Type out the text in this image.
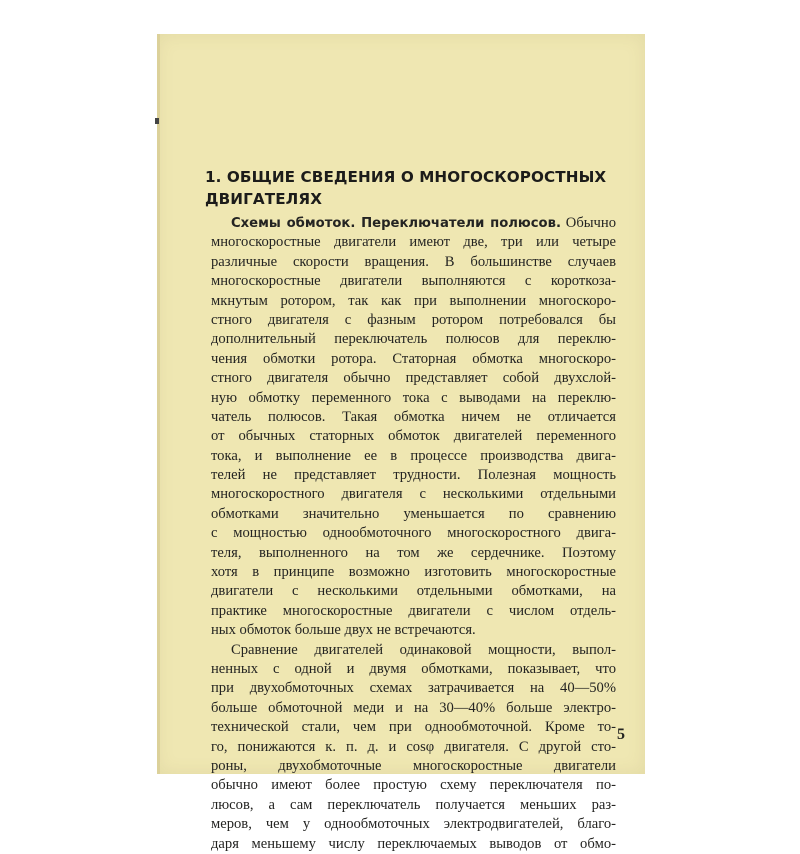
1. ОБЩИЕ СВЕДЕНИЯ О МНОГОСКОРОСТНЫХ
ДВИГАТЕЛЯХ
Схемы обмоток. Переключатели полюсов. Обычно
многоскоростные двигатели имеют две, три или четыре
различные скорости вращения. В большинстве случаев
многоскоростные двигатели выполняются с короткоза-
мкнутым ротором, так как при выполнении многоскоро-
стного двигателя с фазным ротором потребовался бы
дополнительный переключатель полюсов для переклю-
чения обмотки ротора. Статорная обмотка многоскоро-
стного двигателя обычно представляет собой двухслой-
ную обмотку переменного тока с выводами на переклю-
чатель полюсов. Такая обмотка ничем не отличается
от обычных статорных обмоток двигателей переменного
тока, и выполнение ее в процессе производства двига-
телей не представляет трудности. Полезная мощность
многоскоростного двигателя с несколькими отдельными
обмотками значительно уменьшается по сравнению
с мощностью однообмоточного многоскоростного двига-
теля, выполненного на том же сердечнике. Поэтому
хотя в принципе возможно изготовить многоскоростные
двигатели с несколькими отдельными обмотками, на
практике многоскоростные двигатели с числом отдель-
ных обмоток больше двух не встречаются.
Сравнение двигателей одинаковой мощности, выпол-
ненных с одной и двумя обмотками, показывает, что
при двухобмоточных схемах затрачивается на 40—50%
больше обмоточной меди и на 30—40% больше электро-
технической стали, чем при однообмоточной. Кроме то-
го, понижаются к. п. д. и cosφ двигателя. С другой сто-
роны, двухобмоточные многоскоростные двигатели
обычно имеют более простую схему переключателя по-
люсов, а сам переключатель получается меньших раз-
меров, чем у однообмоточных электродвигателей, благо-
даря меньшему числу переключаемых выводов от обмо-
5
